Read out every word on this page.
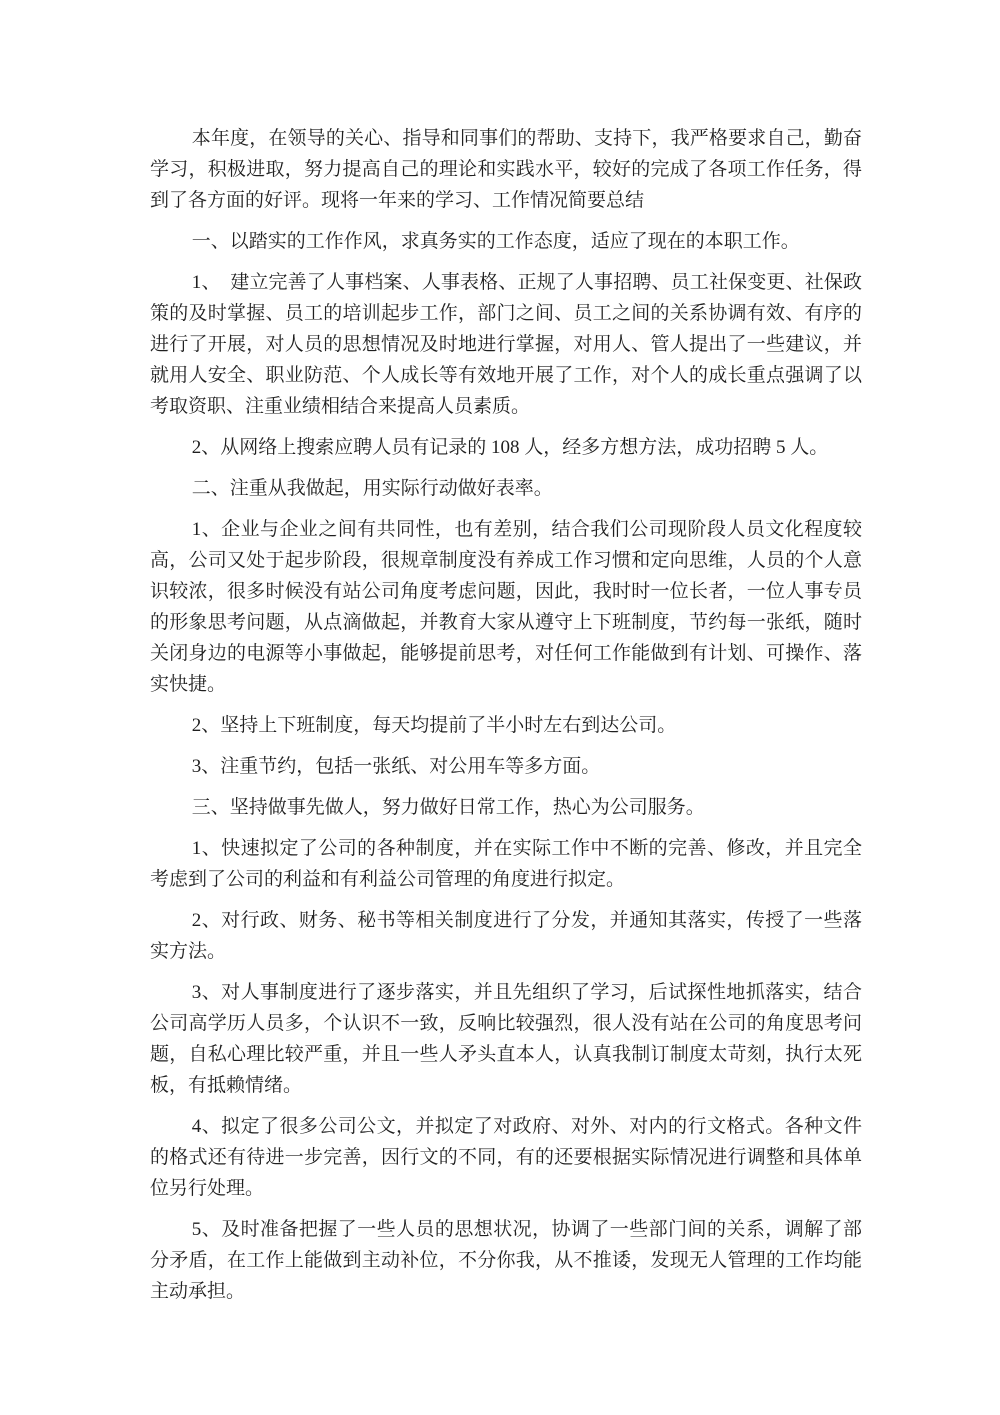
本年度，在领导的关心、指导和同事们的帮助、支持下，我严格要求自己，勤奋学习，积极进取，努力提高自己的理论和实践水平，较好的完成了各项工作任务，得到了各方面的好评。现将一年来的学习、工作情况简要总结

一、以踏实的工作作风，求真务实的工作态度，适应了现在的本职工作。

1、　建立完善了人事档案、人事表格、正规了人事招聘、员工社保变更、社保政策的及时掌握、员工的培训起步工作，部门之间、员工之间的关系协调有效、有序的进行了开展，对人员的思想情况及时地进行掌握，对用人、管人提出了一些建议，并就用人安全、职业防范、个人成长等有效地开展了工作，对个人的成长重点强调了以考取资职、注重业绩相结合来提高人员素质。

2、从网络上搜索应聘人员有记录的 108 人，经多方想方法，成功招聘 5 人。

二、注重从我做起，用实际行动做好表率。

1、企业与企业之间有共同性，也有差别，结合我们公司现阶段人员文化程度较高，公司又处于起步阶段，很规章制度没有养成工作习惯和定向思维，人员的个人意识较浓，很多时候没有站公司角度考虑问题，因此，我时时一位长者，一位人事专员的形象思考问题，从点滴做起，并教育大家从遵守上下班制度，节约每一张纸，随时关闭身边的电源等小事做起，能够提前思考，对任何工作能做到有计划、可操作、落实快捷。

2、坚持上下班制度，每天均提前了半小时左右到达公司。

3、注重节约，包括一张纸、对公用车等多方面。

三、坚持做事先做人，努力做好日常工作，热心为公司服务。

1、快速拟定了公司的各种制度，并在实际工作中不断的完善、修改，并且完全考虑到了公司的利益和有利益公司管理的角度进行拟定。

2、对行政、财务、秘书等相关制度进行了分发，并通知其落实，传授了一些落实方法。

3、对人事制度进行了逐步落实，并且先组织了学习，后试探性地抓落实，结合公司高学历人员多，个认识不一致，反响比较强烈，很人没有站在公司的角度思考问题，自私心理比较严重，并且一些人矛头直本人，认真我制订制度太苛刻，执行太死板，有抵赖情绪。

4、拟定了很多公司公文，并拟定了对政府、对外、对内的行文格式。各种文件的格式还有待进一步完善，因行文的不同，有的还要根据实际情况进行调整和具体单位另行处理。

5、及时准备把握了一些人员的思想状况，协调了一些部门间的关系，调解了部分矛盾，在工作上能做到主动补位，不分你我，从不推诿，发现无人管理的工作均能主动承担。
